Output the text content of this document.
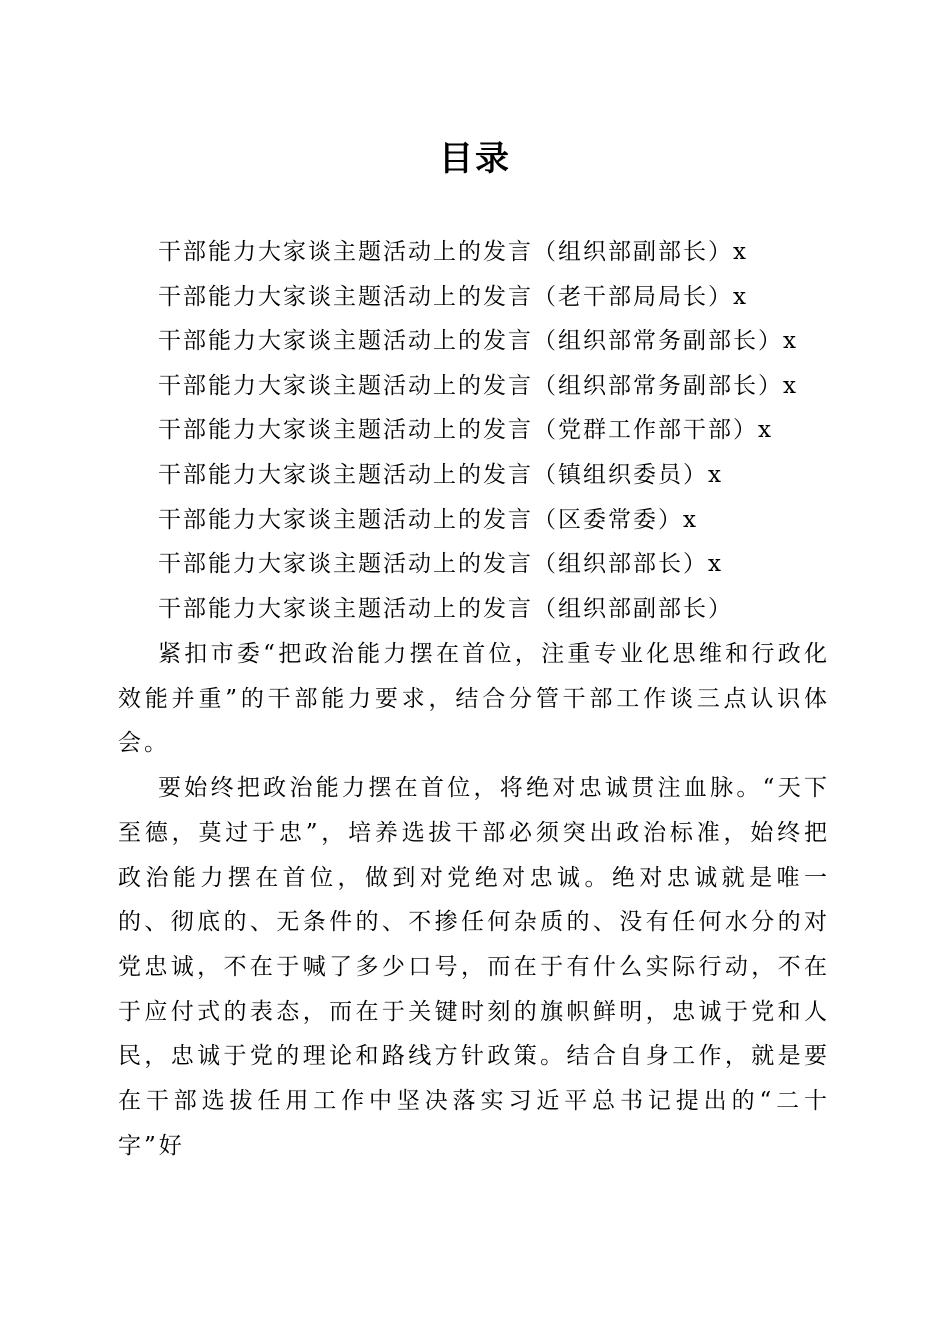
目录
干部能力大家谈主题活动上的发言（组织部副部长）x
干部能力大家谈主题活动上的发言（老干部局局长）x
干部能力大家谈主题活动上的发言（组织部常务副部长）x
干部能力大家谈主题活动上的发言（组织部常务副部长）x
干部能力大家谈主题活动上的发言（党群工作部干部）x
干部能力大家谈主题活动上的发言（镇组织委员）x
干部能力大家谈主题活动上的发言（区委常委）x
干部能力大家谈主题活动上的发言（组织部部长）x
干部能力大家谈主题活动上的发言（组织部副部长）

紧扣市委“把政治能力摆在首位，注重专业化思维和行政化效能并重”的干部能力要求，结合分管干部工作谈三点认识体会。

要始终把政治能力摆在首位，将绝对忠诚贯注血脉。“天下至德，莫过于忠”，培养选拔干部必须突出政治标准，始终把政治能力摆在首位，做到对党绝对忠诚。绝对忠诚就是唯一的、彻底的、无条件的、不掺任何杂质的、没有任何水分的对党忠诚，不在于喊了多少口号，而在于有什么实际行动，不在于应付式的表态，而在于关键时刻的旗帜鲜明，忠诚于党和人民，忠诚于党的理论和路线方针政策。结合自身工作，就是要在干部选拔任用工作中坚决落实习近平总书记提出的“二十字”好
